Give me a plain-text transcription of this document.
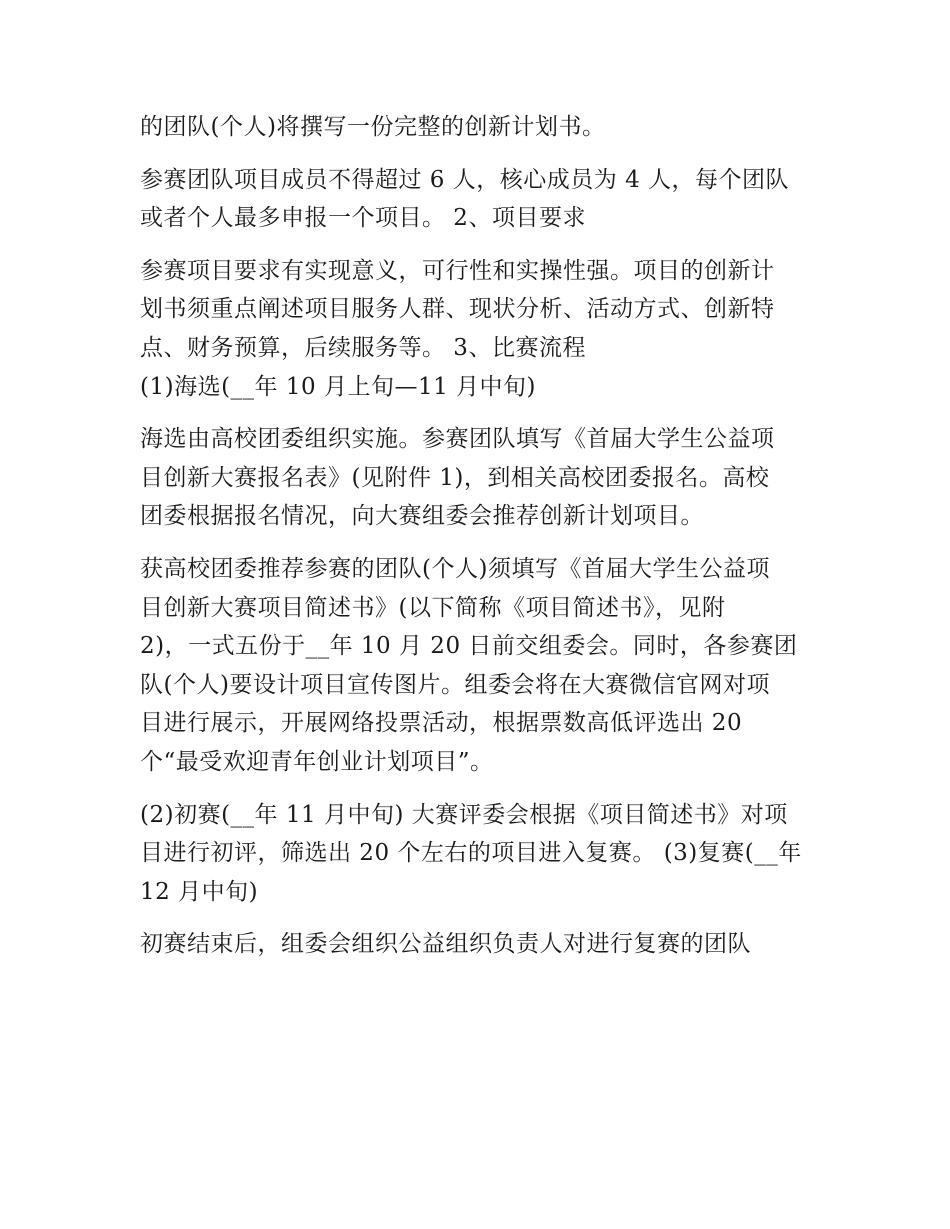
的团队(个人)将撰写一份完整的创新计划书。
参赛团队项目成员不得超过 6 人，核心成员为 4 人，每个团队
或者个人最多申报一个项目。 2、项目要求
参赛项目要求有实现意义，可行性和实操性强。项目的创新计
划书须重点阐述项目服务人群、现状分析、活动方式、创新特
点、财务预算，后续服务等。 3、比赛流程
(1)海选(__年 10 月上旬—11 月中旬)
海选由高校团委组织实施。参赛团队填写《首届大学生公益项
目创新大赛报名表》(见附件 1)，到相关高校团委报名。高校
团委根据报名情况，向大赛组委会推荐创新计划项目。
获高校团委推荐参赛的团队(个人)须填写《首届大学生公益项
目创新大赛项目简述书》(以下简称《项目简述书》，见附
2)，一式五份于__年 10 月 20 日前交组委会。同时，各参赛团
队(个人)要设计项目宣传图片。组委会将在大赛微信官网对项
目进行展示，开展网络投票活动，根据票数高低评选出 20
个“最受欢迎青年创业计划项目”。
(2)初赛(__年 11 月中旬) 大赛评委会根据《项目简述书》对项
目进行初评，筛选出 20 个左右的项目进入复赛。 (3)复赛(__年
12 月中旬)
初赛结束后，组委会组织公益组织负责人对进行复赛的团队
